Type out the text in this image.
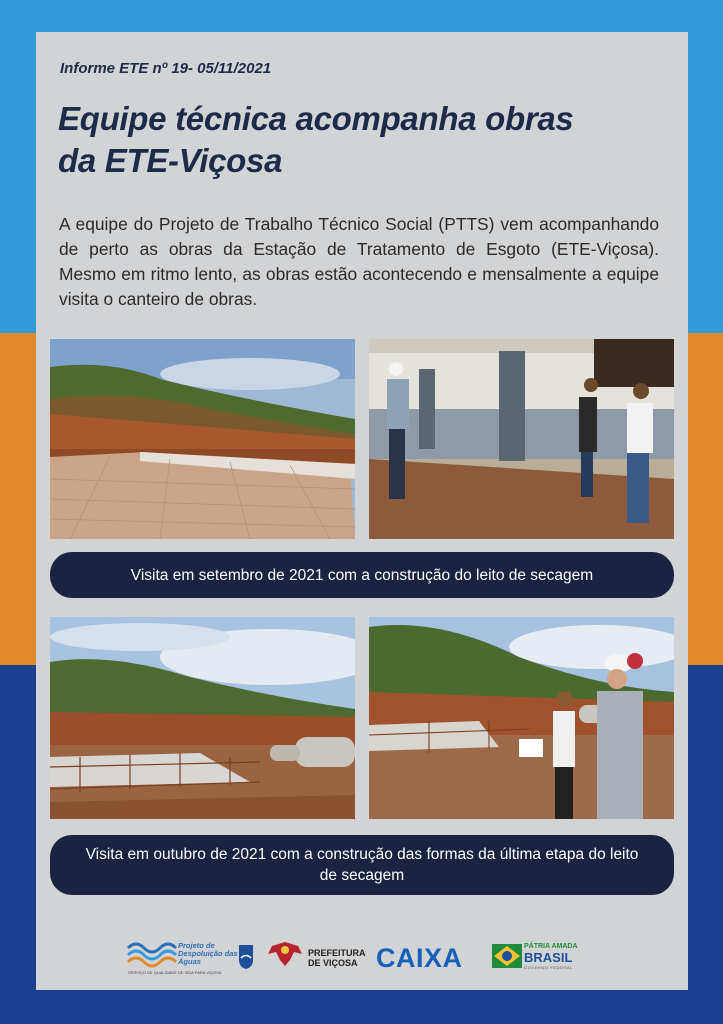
Informe ETE nº 19- 05/11/2021
Equipe técnica acompanha obras
da ETE-Viçosa

A equipe do Projeto de Trabalho Técnico Social (PTTS) vem acompanhando de perto as obras da Estação de Tratamento de Esgoto (ETE-Viçosa). Mesmo em ritmo lento, as obras estão acontecendo e mensalmente a equipe visita o canteiro de obras.

Visita em setembro de 2021 com a construção do leito de secagem
Visita em outubro de 2021 com a construção das formas da última etapa do leito de secagem
Projeto de Despoluição das Águas
SERVIÇO DE QUALIDADE DE VIDA PARA VIÇOSA
PREFEITURA
DE VIÇOSA CAIXA	PÁTRIA AMADA
BRASIL
GOVERNO FEDERAL
